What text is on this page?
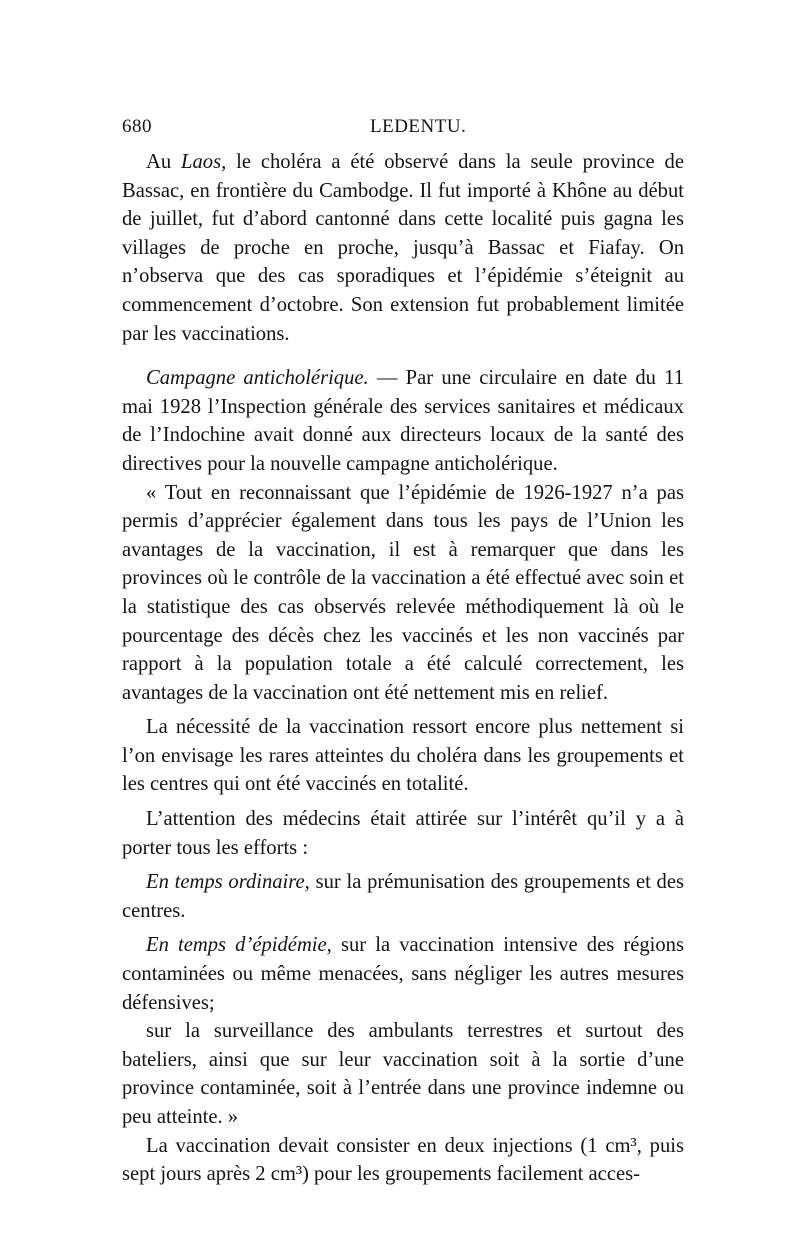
680	LEDENTU.

Au Laos, le choléra a été observé dans la seule province de Bassac, en frontière du Cambodge. Il fut importé à Khône au début de juillet, fut d’abord cantonné dans cette localité puis gagna les villages de proche en proche, jusqu’à Bassac et Fiafay. On n’observa que des cas sporadiques et l’épidémie s’éteignit au commencement d’octobre. Son extension fut probablement limitée par les vaccinations.

Campagne anticholérique. — Par une circulaire en date du 11 mai 1928 l’Inspection générale des services sanitaires et médicaux de l’Indochine avait donné aux directeurs locaux de la santé des directives pour la nouvelle campagne anticholérique.

« Tout en reconnaissant que l’épidémie de 1926-1927 n’a pas permis d’apprécier également dans tous les pays de l’Union les avantages de la vaccination, il est à remarquer que dans les provinces où le contrôle de la vaccination a été effectué avec soin et la statistique des cas observés relevée méthodiquement là où le pourcentage des décès chez les vaccinés et les non vaccinés par rapport à la population totale a été calculé correctement, les avantages de la vaccination ont été nettement mis en relief.

La nécessité de la vaccination ressort encore plus nettement si l’on envisage les rares atteintes du choléra dans les groupements et les centres qui ont été vaccinés en totalité.

L’attention des médecins était attirée sur l’intérêt qu’il y a à porter tous les efforts :

En temps ordinaire, sur la prémunisation des groupements et des centres.

En temps d’épidémie, sur la vaccination intensive des régions contaminées ou même menacées, sans négliger les autres mesures défensives;

sur la surveillance des ambulants terrestres et surtout des bateliers, ainsi que sur leur vaccination soit à la sortie d’une province contaminée, soit à l’entrée dans une province indemne ou peu atteinte. »

La vaccination devait consister en deux injections (1 cm³, puis sept jours après 2 cm³) pour les groupements facilement acces-
